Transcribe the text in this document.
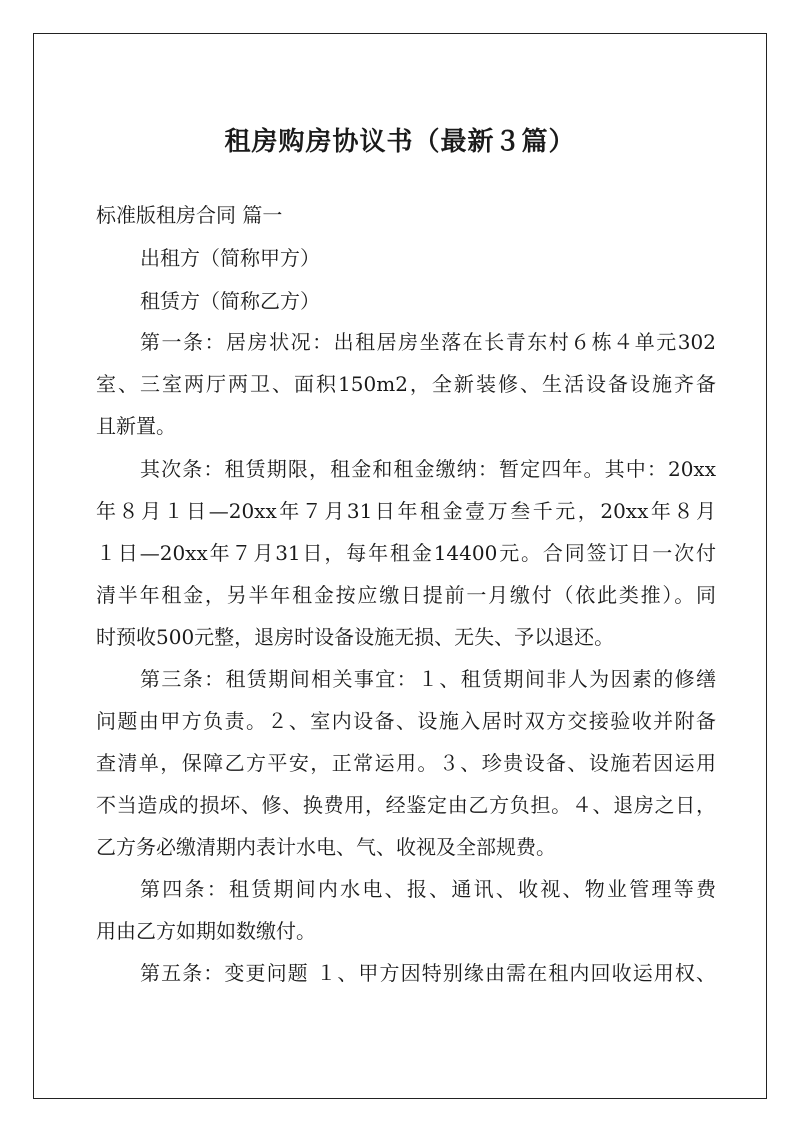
租房购房协议书（最新３篇）
标准版租房合同 篇一
出租方（简称甲方）
租赁方（简称乙方）
第一条：居房状况：出租居房坐落在长青东村６栋４单元302
室、三室两厅两卫、面积150m2，全新装修、生活设备设施齐备
且新置。
其次条：租赁期限，租金和租金缴纳：暂定四年。其中：20xx
年８月１日—20xx年７月31日年租金壹万叁千元，20xx年８月
１日—20xx年７月31日，每年租金14400元。合同签订日一次付
清半年租金，另半年租金按应缴日提前一月缴付（依此类推）。同
时预收500元整，退房时设备设施无损、无失、予以退还。
第三条：租赁期间相关事宜：１、租赁期间非人为因素的修缮
问题由甲方负责。２、室内设备、设施入居时双方交接验收并附备
查清单，保障乙方平安，正常运用。３、珍贵设备、设施若因运用
不当造成的损坏、修、换费用，经鉴定由乙方负担。４、退房之日，
乙方务必缴清期内表计水电、气、收视及全部规费。
第四条：租赁期间内水电、报、通讯、收视、物业管理等费
用由乙方如期如数缴付。
第五条：变更问题 １、甲方因特别缘由需在租内回收运用权、
